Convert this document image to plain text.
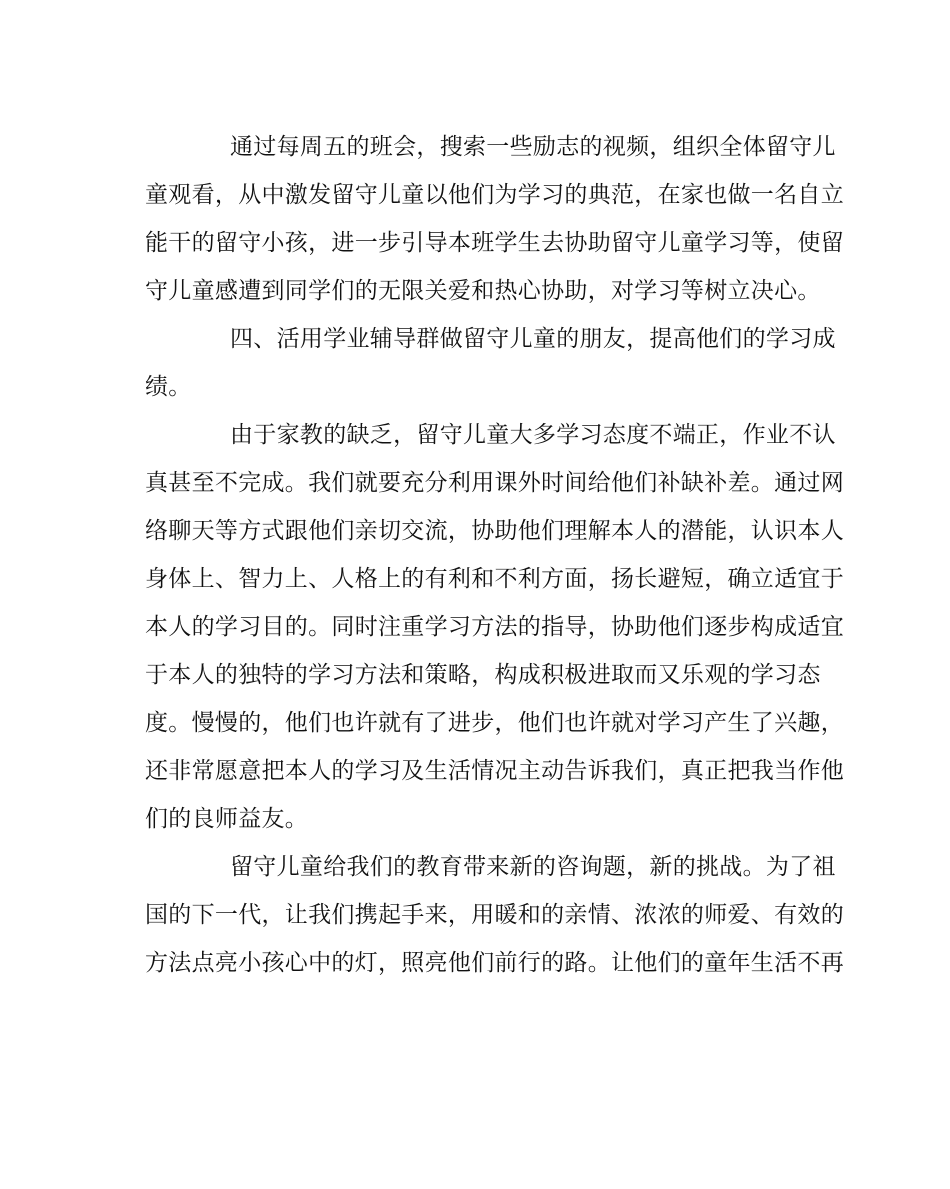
通过每周五的班会，搜索一些励志的视频，组织全体留守儿
童观看，从中激发留守儿童以他们为学习的典范，在家也做一名自立
能干的留守小孩，进一步引导本班学生去协助留守儿童学习等，使留
守儿童感遭到同学们的无限关爱和热心协助，对学习等树立决心。
四、活用学业辅导群做留守儿童的朋友，提高他们的学习成
绩。
由于家教的缺乏，留守儿童大多学习态度不端正，作业不认
真甚至不完成。我们就要充分利用课外时间给他们补缺补差。通过网
络聊天等方式跟他们亲切交流，协助他们理解本人的潜能，认识本人
身体上、智力上、人格上的有利和不利方面，扬长避短，确立适宜于
本人的学习目的。同时注重学习方法的指导，协助他们逐步构成适宜
于本人的独特的学习方法和策略，构成积极进取而又乐观的学习态
度。慢慢的，他们也许就有了进步，他们也许就对学习产生了兴趣，
还非常愿意把本人的学习及生活情况主动告诉我们，真正把我当作他
们的良师益友。
留守儿童给我们的教育带来新的咨询题，新的挑战。为了祖
国的下一代，让我们携起手来，用暖和的亲情、浓浓的师爱、有效的
方法点亮小孩心中的灯，照亮他们前行的路。让他们的童年生活不再
